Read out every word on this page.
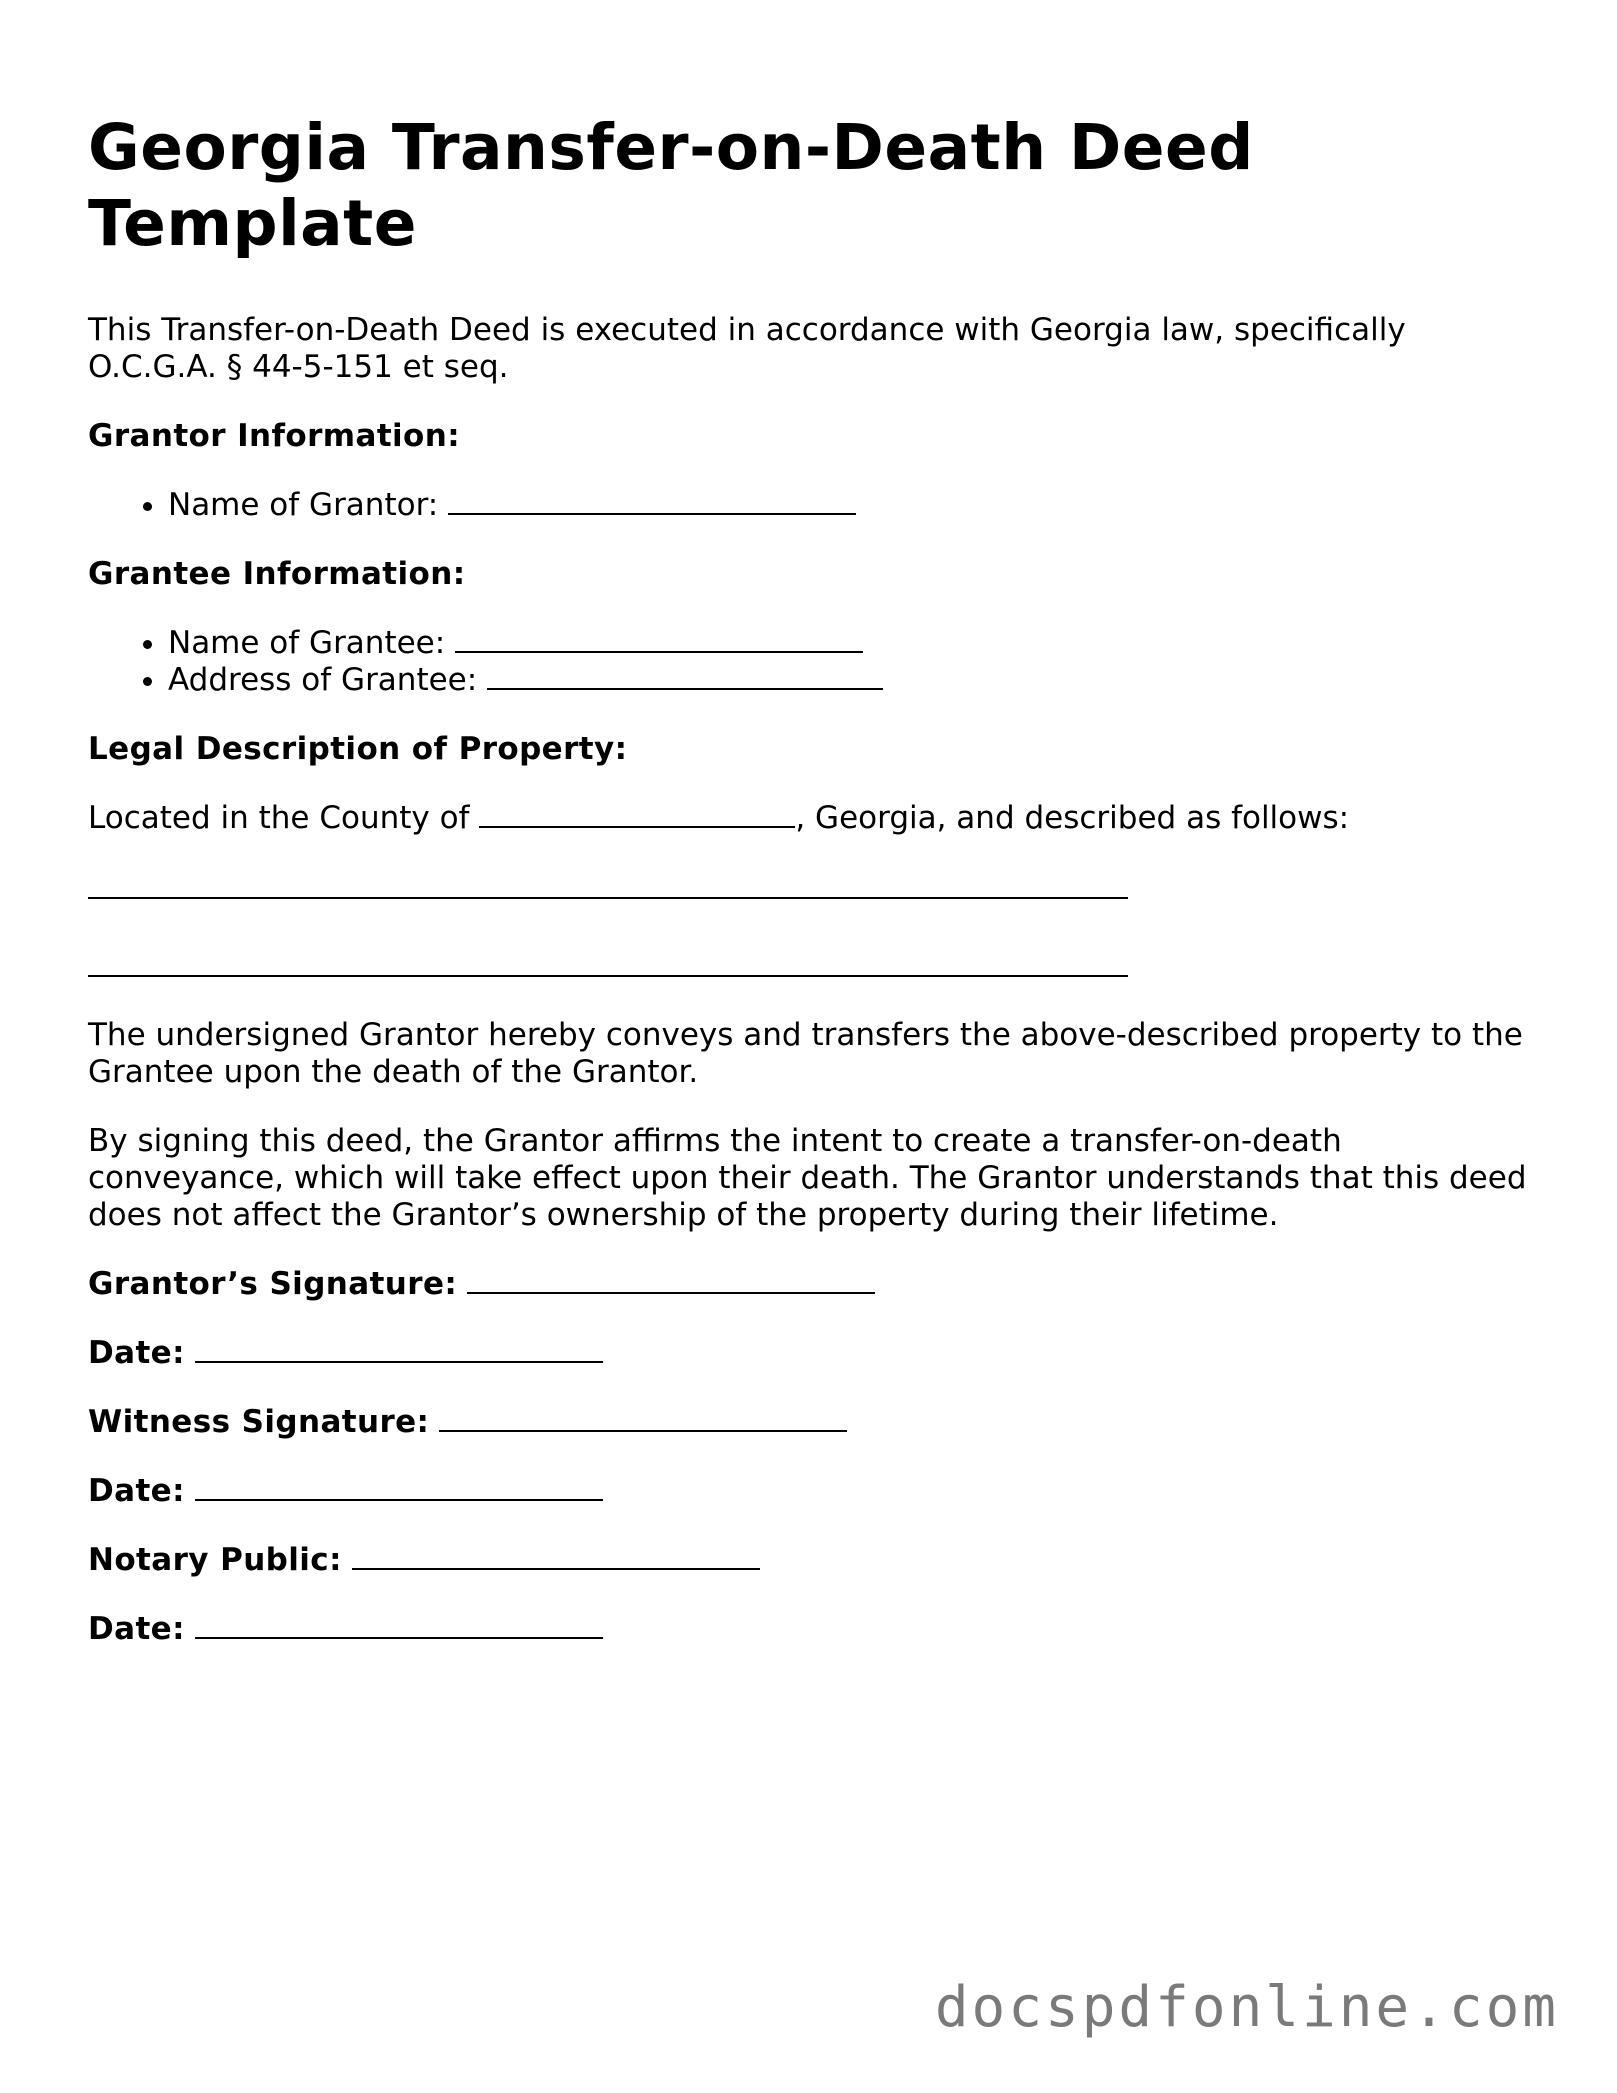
Georgia Transfer-on-Death Deed Template

This Transfer-on-Death Deed is executed in accordance with Georgia law, specifically O.C.G.A. § 44-5-151 et seq.

Grantor Information:
• Name of Grantor:
Grantee Information:
• Name of Grantee:
• Address of Grantee:
Legal Description of Property:

Located in the County of	, Georgia, and described as follows:

The undersigned Grantor hereby conveys and transfers the above-described property to the Grantee upon the death of the Grantor.

By signing this deed, the Grantor affirms the intent to create a transfer-on-death conveyance, which will take effect upon their death. The Grantor understands that this deed does not affect the Grantor’s ownership of the property during their lifetime.

Grantor’s Signature:

Date:

Witness Signature:

Date:

Notary Public:

Date:

docspdfonline.com
